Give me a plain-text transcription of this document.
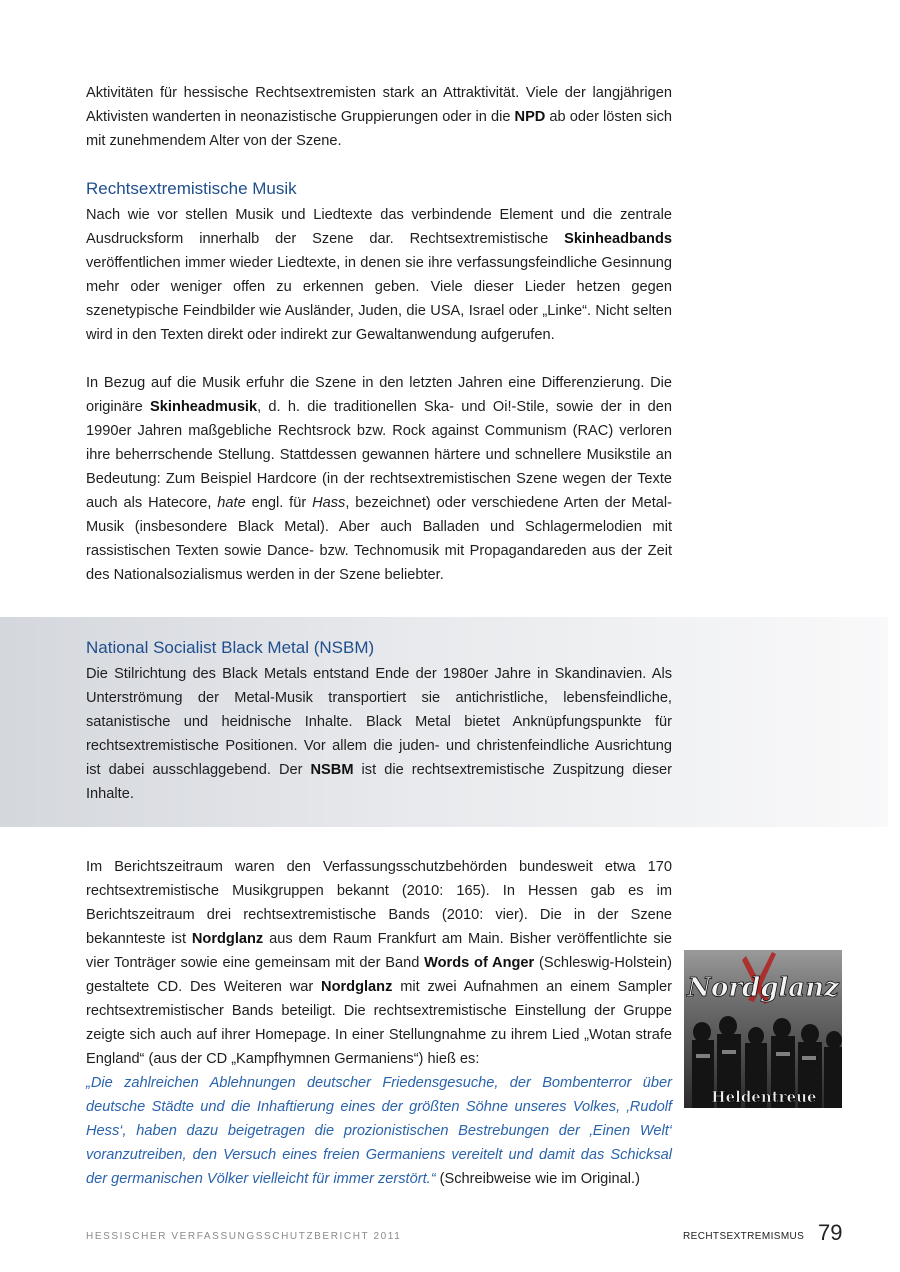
Aktivitäten für hessische Rechtsextremisten stark an Attraktivität. Viele der langjährigen Aktivisten wanderten in neonazistische Gruppierungen oder in die NPD ab oder lösten sich mit zunehmendem Alter von der Szene.

Rechtsextremistische Musik

Nach wie vor stellen Musik und Liedtexte das verbindende Element und die zentrale Ausdrucksform innerhalb der Szene dar. Rechtsextremistische Skinheadbands veröffentlichen immer wieder Liedtexte, in denen sie ihre verfassungsfeindliche Gesinnung mehr oder weniger offen zu erkennen geben. Viele dieser Lieder hetzen gegen szenetypische Feindbilder wie Ausländer, Juden, die USA, Israel oder „Linke“. Nicht selten wird in den Texten direkt oder indirekt zur Gewaltanwendung aufgerufen.

In Bezug auf die Musik erfuhr die Szene in den letzten Jahren eine Differenzierung. Die originäre Skinheadmusik, d. h. die traditionellen Ska- und Oi!-Stile, sowie der in den 1990er Jahren maßgebliche Rechtsrock bzw. Rock against Communism (RAC) verloren ihre beherrschende Stellung. Stattdessen gewannen härtere und schnellere Musikstile an Bedeutung: Zum Beispiel Hardcore (in der rechtsextremistischen Szene wegen der Texte auch als Hatecore, hate engl. für Hass, bezeichnet) oder verschiedene Arten der Metal-Musik (insbesondere Black Metal). Aber auch Balladen und Schlagermelodien mit rassistischen Texten sowie Dance- bzw. Technomusik mit Propagandareden aus der Zeit des Nationalsozialismus werden in der Szene beliebter.

National Socialist Black Metal (NSBM)

Die Stilrichtung des Black Metals entstand Ende der 1980er Jahre in Skandinavien. Als Unterströmung der Metal-Musik transportiert sie antichristliche, lebensfeindliche, satanistische und heidnische Inhalte. Black Metal bietet Anknüpfungspunkte für rechtsextremistische Positionen. Vor allem die juden- und christenfeindliche Ausrichtung ist dabei ausschlaggebend. Der NSBM ist die rechtsextremistische Zuspitzung dieser Inhalte.

Im Berichtszeitraum waren den Verfassungsschutzbehörden bundesweit etwa 170 rechtsextremistische Musikgruppen bekannt (2010: 165). In Hessen gab es im Berichtszeitraum drei rechtsextremistische Bands (2010: vier). Die in der Szene bekannteste ist Nordglanz aus dem Raum Frankfurt am Main. Bisher veröffentlichte sie vier Tonträger sowie eine gemeinsam mit der Band Words of Anger (Schleswig-Holstein) gestaltete CD. Des Weiteren war Nordglanz mit zwei Aufnahmen an einem Sampler rechtsextremistischer Bands beteiligt. Die rechtsextremistische Einstellung der Gruppe zeigte sich auch auf ihrer Homepage. In einer Stellungnahme zu ihrem Lied „Wotan strafe England“ (aus der CD „Kampfhymnen Germaniens“) hieß es:

„Die zahlreichen Ablehnungen deutscher Friedensgesuche, der Bombenterror über deutsche Städte und die Inhaftierung eines der größten Söhne unseres Volkes, ‚Rudolf Hess‘, haben dazu beigetragen die prozionistischen Bestrebungen der ‚Einen Welt‘ voranzutreiben, den Versuch eines freien Germaniens vereitelt und damit das Schicksal der germanischen Völker vielleicht für immer zerstört.“ (Schreibweise wie im Original.)

Nordglanz
Heldentreue
HESSISCHER VERFASSUNGSSCHUTZBERICHT 2011	RECHTSEXTREMISMUS 79
